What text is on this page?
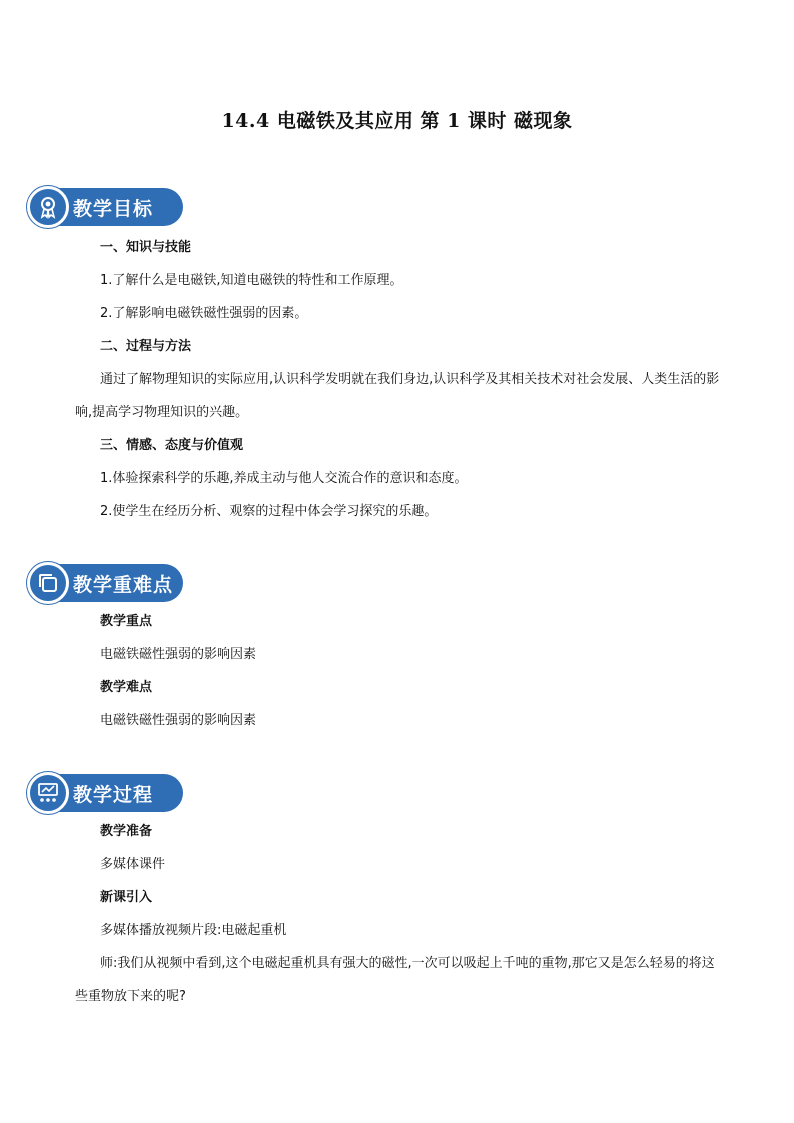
14.4 电磁铁及其应用 第 1 课时 磁现象
教学目标
一、知识与技能
1.了解什么是电磁铁,知道电磁铁的特性和工作原理。
2.了解影响电磁铁磁性强弱的因素。
二、过程与方法
通过了解物理知识的实际应用,认识科学发明就在我们身边,认识科学及其相关技术对社会发展、人类生活的影响,提高学习物理知识的兴趣。
三、情感、态度与价值观
1.体验探索科学的乐趣,养成主动与他人交流合作的意识和态度。
2.使学生在经历分析、观察的过程中体会学习探究的乐趣。
教学重难点
教学重点
电磁铁磁性强弱的影响因素
教学难点
电磁铁磁性强弱的影响因素
教学过程
教学准备
多媒体课件
新课引入
多媒体播放视频片段:电磁起重机
师:我们从视频中看到,这个电磁起重机具有强大的磁性,一次可以吸起上千吨的重物,那它又是怎么轻易的将这些重物放下来的呢?
